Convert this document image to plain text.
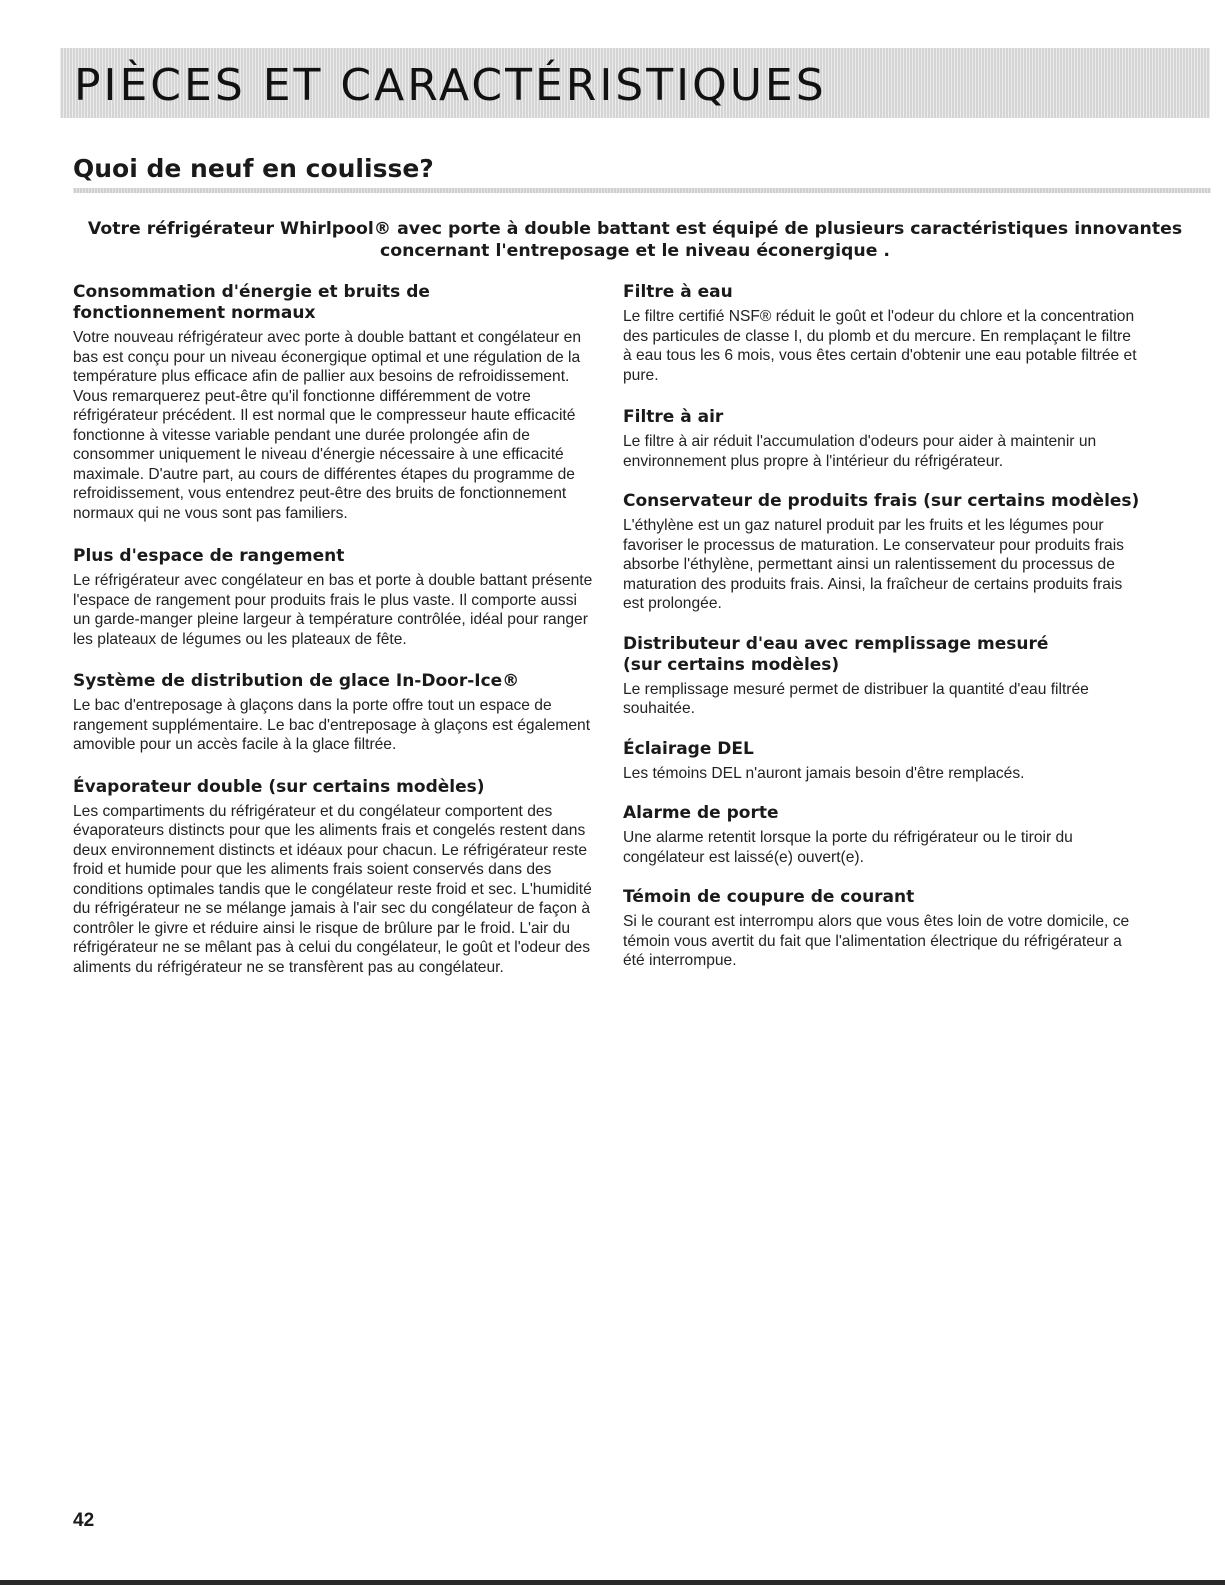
PIÈCES ET CARACTÉRISTIQUES
Quoi de neuf en coulisse?

Votre réfrigérateur Whirlpool® avec porte à double battant est équipé de plusieurs caractéristiques innovantes concernant l'entreposage et le niveau éconergique .

Consommation d'énergie et bruits de fonctionnement normaux

Votre nouveau réfrigérateur avec porte à double battant et congélateur en bas est conçu pour un niveau éconergique optimal et une régulation de la température plus efficace afin de pallier aux besoins de refroidissement. Vous remarquerez peut-être qu'il fonctionne différemment de votre réfrigérateur précédent. Il est normal que le compresseur haute efficacité fonctionne à vitesse variable pendant une durée prolongée afin de consommer uniquement le niveau d'énergie nécessaire à une efficacité maximale. D'autre part, au cours de différentes étapes du programme de refroidissement, vous entendrez peut-être des bruits de fonctionnement normaux qui ne vous sont pas familiers.

Plus d'espace de rangement

Le réfrigérateur avec congélateur en bas et porte à double battant présente l'espace de rangement pour produits frais le plus vaste. Il comporte aussi un garde-manger pleine largeur à température contrôlée, idéal pour ranger les plateaux de légumes ou les plateaux de fête.

Système de distribution de glace In-Door-Ice®

Le bac d'entreposage à glaçons dans la porte offre tout un espace de rangement supplémentaire. Le bac d'entreposage à glaçons est également amovible pour un accès facile à la glace filtrée.

Évaporateur double (sur certains modèles)

Les compartiments du réfrigérateur et du congélateur comportent des évaporateurs distincts pour que les aliments frais et congelés restent dans deux environnement distincts et idéaux pour chacun. Le réfrigérateur reste froid et humide pour que les aliments frais soient conservés dans des conditions optimales tandis que le congélateur reste froid et sec. L'humidité du réfrigérateur ne se mélange jamais à l'air sec du congélateur de façon à contrôler le givre et réduire ainsi le risque de brûlure par le froid. L'air du réfrigérateur ne se mêlant pas à celui du congélateur, le goût et l'odeur des aliments du réfrigérateur ne se transfèrent pas au congélateur.

Filtre à eau

Le filtre certifié NSF® réduit le goût et l'odeur du chlore et la concentration des particules de classe I, du plomb et du mercure. En remplaçant le filtre à eau tous les 6 mois, vous êtes certain d'obtenir une eau potable filtrée et pure.

Filtre à air

Le filtre à air réduit l'accumulation d'odeurs pour aider à maintenir un environnement plus propre à l'intérieur du réfrigérateur.

Conservateur de produits frais (sur certains modèles)

L'éthylène est un gaz naturel produit par les fruits et les légumes pour favoriser le processus de maturation. Le conservateur pour produits frais absorbe l'éthylène, permettant ainsi un ralentissement du processus de maturation des produits frais. Ainsi, la fraîcheur de certains produits frais est prolongée.

Distributeur d'eau avec remplissage mesuré (sur certains modèles)

Le remplissage mesuré permet de distribuer la quantité d'eau filtrée souhaitée.

Éclairage DEL

Les témoins DEL n'auront jamais besoin d'être remplacés.

Alarme de porte

Une alarme retentit lorsque la porte du réfrigérateur ou le tiroir du congélateur est laissé(e) ouvert(e).

Témoin de coupure de courant

Si le courant est interrompu alors que vous êtes loin de votre domicile, ce témoin vous avertit du fait que l'alimentation électrique du réfrigérateur a été interrompue.

42
